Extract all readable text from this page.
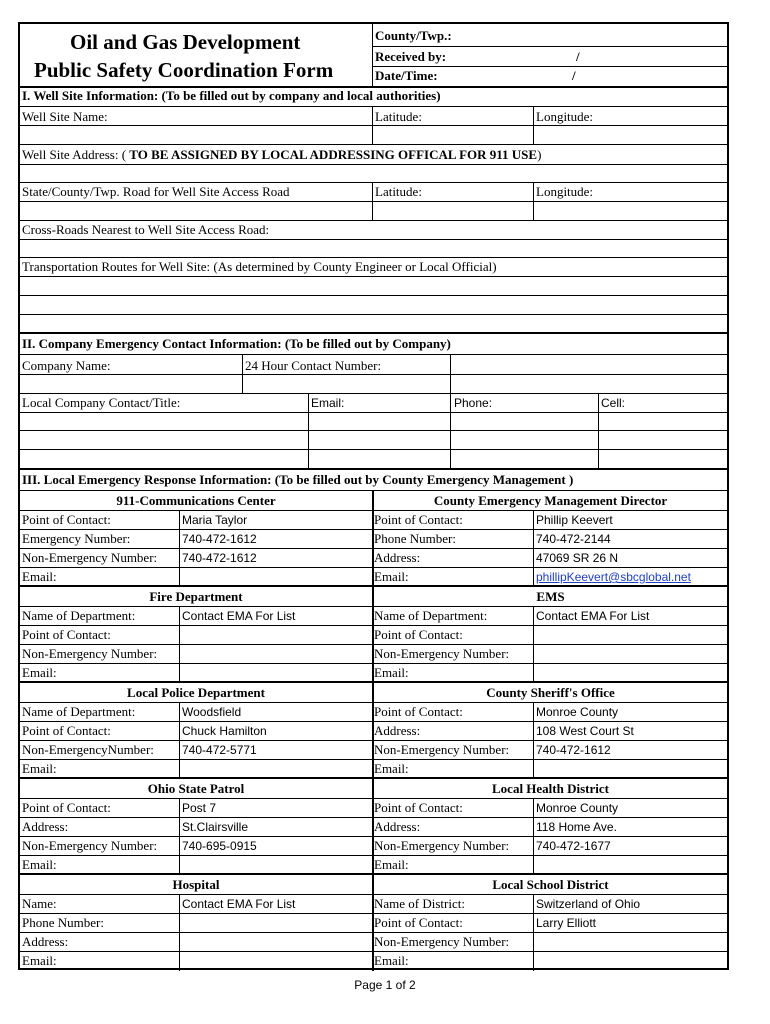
Oil and Gas Development
Public Safety Coordination Form
County/Twp.:
Received by:	/
Date/Time:	/
I. Well Site Information: (To be filled out by company and local authorities)
Well Site Name:	Latitude:	Longitude:
Well Site Address: ( TO BE ASSIGNED BY LOCAL ADDRESSING OFFICAL FOR 911 USE)
State/County/Twp. Road for Well Site Access Road	Latitude:	Longitude:
Cross-Roads Nearest to Well Site Access Road:
Transportation Routes for Well Site: (As determined by County Engineer or Local Official)
II. Company Emergency Contact Information: (To be filled out by Company)
Company Name:	24 Hour Contact Number:
Local Company Contact/Title:	Email:	Phone:	Cell:
III. Local Emergency Response Information: (To be filled out by County Emergency Management )
911-Communications Center
Point of Contact:	Maria Taylor
Emergency Number:	740-472-1612
Non-Emergency Number: 740-472-1612
Email:
County Emergency Management Director
Point of Contact:	Phillip Keevert
Phone Number:	740-472-2144
Address:	47069 SR 26 N
Email:	phillipKeevert@sbcglobal.net
Fire Department
Name of Department:	Contact EMA For List
Point of Contact:
Non-Emergency Number:
Email:
EMS
Name of Department:	Contact EMA For List
Point of Contact:
Non-Emergency Number:
Email:
Local Police Department
Name of Department:	Woodsfield
Point of Contact:	Chuck Hamilton
Non-EmergencyNumber: 740-472-5771
Email:
County Sheriff's Office
Point of Contact:	Monroe County
Address:	108 West Court St
Non-Emergency Number: 740-472-1612
Email:
Ohio State Patrol
Point of Contact:	Post 7
Address:	St.Clairsville
Non-Emergency Number: 740-695-0915
Email:
Local Health District
Point of Contact:	Monroe County
Address:	118 Home Ave.
Non-Emergency Number: 740-472-1677
Email:
Hospital
Name:	Contact EMA For List
Phone Number:
Address:
Email:
Local School District
Name of District:	Switzerland of Ohio
Point of Contact:	Larry Elliott
Non-Emergency Number:
Email:
Page 1 of 2
